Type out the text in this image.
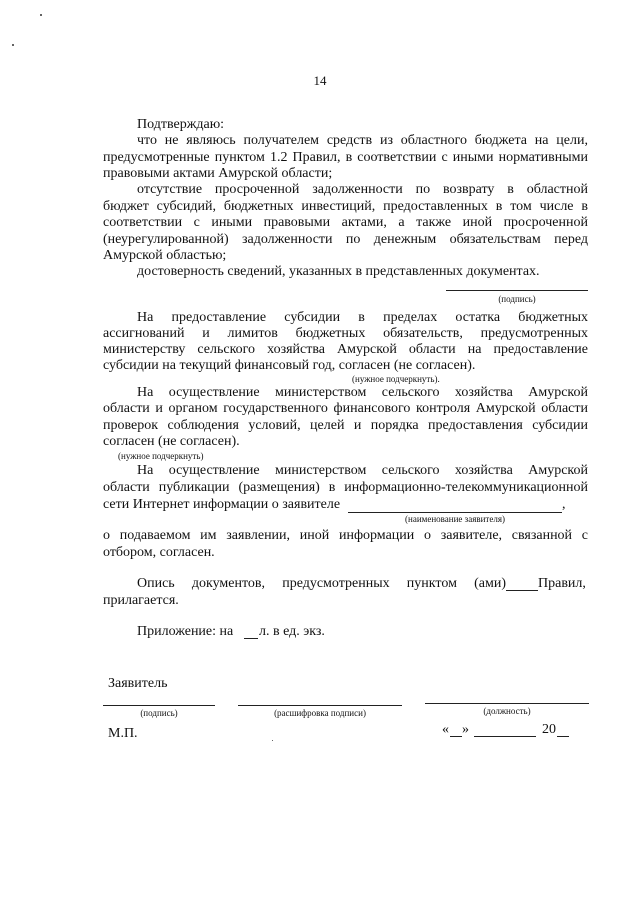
14
Подтверждаю:
что не являюсь получателем средств из областного бюджета на цели,
предусмотренные пунктом 1.2 Правил, в соответствии с иными нормативными
правовыми актами Амурской области;
отсутствие просроченной задолженности по возврату в областной
бюджет субсидий, бюджетных инвестиций, предоставленных в том числе в
соответствии с иными правовыми актами, а также иной просроченной
(неурегулированной) задолженности по денежным обязательствам перед
Амурской областью;
достоверность сведений, указанных в представленных документах.
(подпись)
На предоставление субсидии в пределах остатка бюджетных
ассигнований и лимитов бюджетных обязательств, предусмотренных
министерству сельского хозяйства Амурской области на предоставление
субсидии на текущий финансовый год, согласен (не согласен).
(нужное подчеркнуть).
На осуществление министерством сельского хозяйства Амурской
области и органом государственного финансового контроля Амурской области
проверок соблюдения условий, целей и порядка предоставления субсидии
согласен (не согласен).
(нужное подчеркнуть)
На осуществление министерством сельского хозяйства Амурской
области публикации (размещения) в информационно-телекоммуникационной
сети Интернет информации о заявителе	,
(наименование заявителя)
о подаваемом им заявлении, иной информации о заявителе, связанной с
отбором, согласен.
Опись документов, предусмотренных пунктом (ами) Правил,
прилагается.
Приложение: на л. в ед. экз.
Заявитель
(подпись)	(расшифровка подписи)	(должность)
М.П.	« »	20
